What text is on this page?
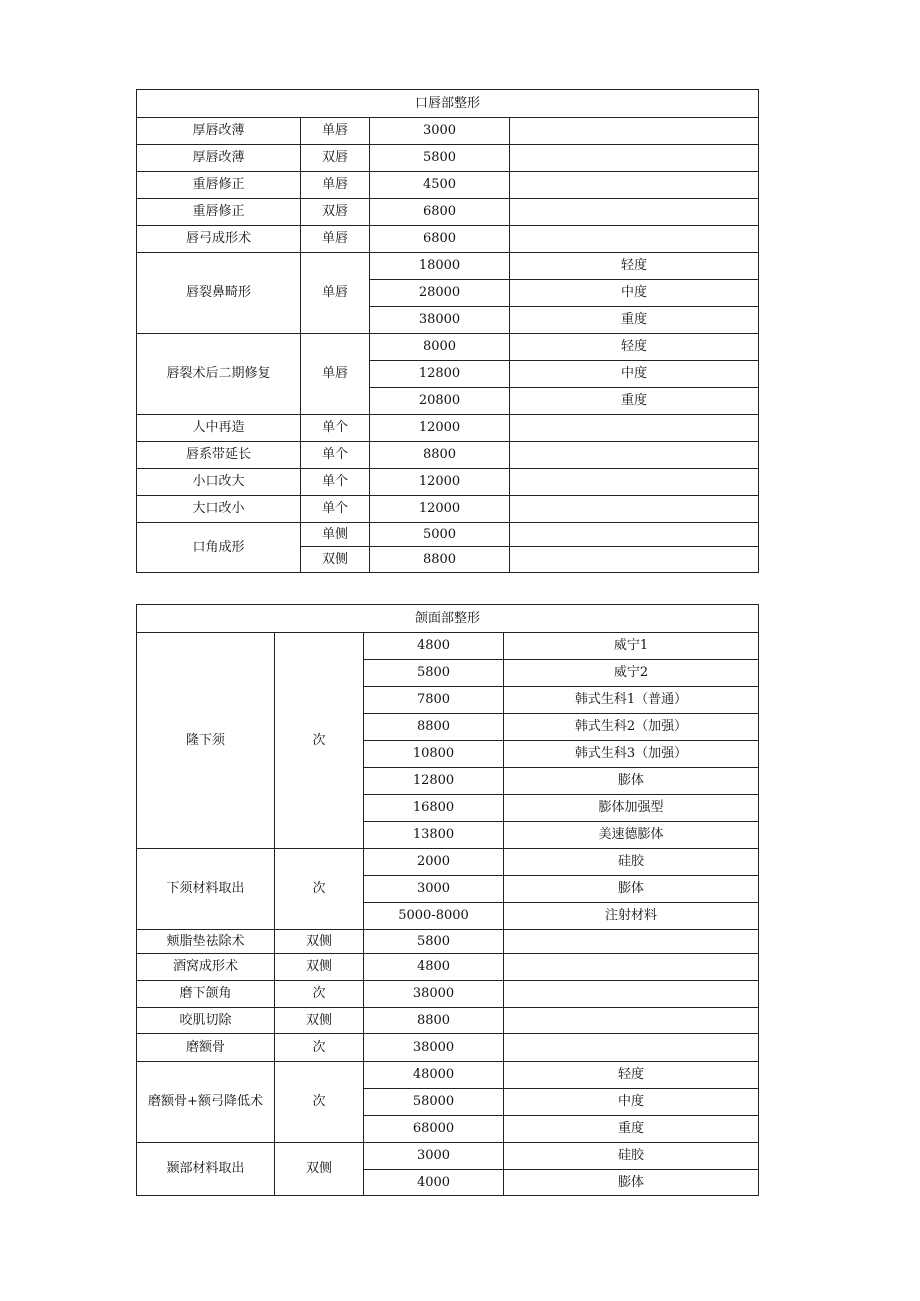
口唇部整形			
厚唇改薄	单唇	3000	
厚唇改薄	双唇	5800	
重唇修正	单唇	4500	
重唇修正	双唇	6800	
唇弓成形术	单唇	6800	
唇裂鼻畸形	单唇	18000	轻度
		28000	中度
		38000	重度
唇裂术后二期修复	单唇	8000	轻度
		12800	中度
		20800	重度
人中再造	单个	12000	
唇系带延长	单个	8800	
小口改大	单个	12000	
大口改小	单个	12000	
口角成形	单侧	5000	
	双侧	8800	
颌面部整形			
隆下须	次	4800	威宁1
		5800	威宁2
		7800	韩式生科1（普通）
		8800	韩式生科2（加强）
		10800	韩式生科3（加强）
		12800	膨体
		16800	膨体加强型
		13800	美速德膨体
下须材料取出	次	2000	硅胶
		3000	膨体
		5000-8000	注射材料
颊脂垫祛除术	双侧	5800	
酒窝成形术	双侧	4800	
磨下颌角	次	38000	
咬肌切除	双侧	8800	
磨额骨	次	38000	
磨额骨+额弓降低术	次	48000	轻度
		58000	中度
		68000	重度
颞部材料取出	双侧	3000	硅胶
		4000	膨体
